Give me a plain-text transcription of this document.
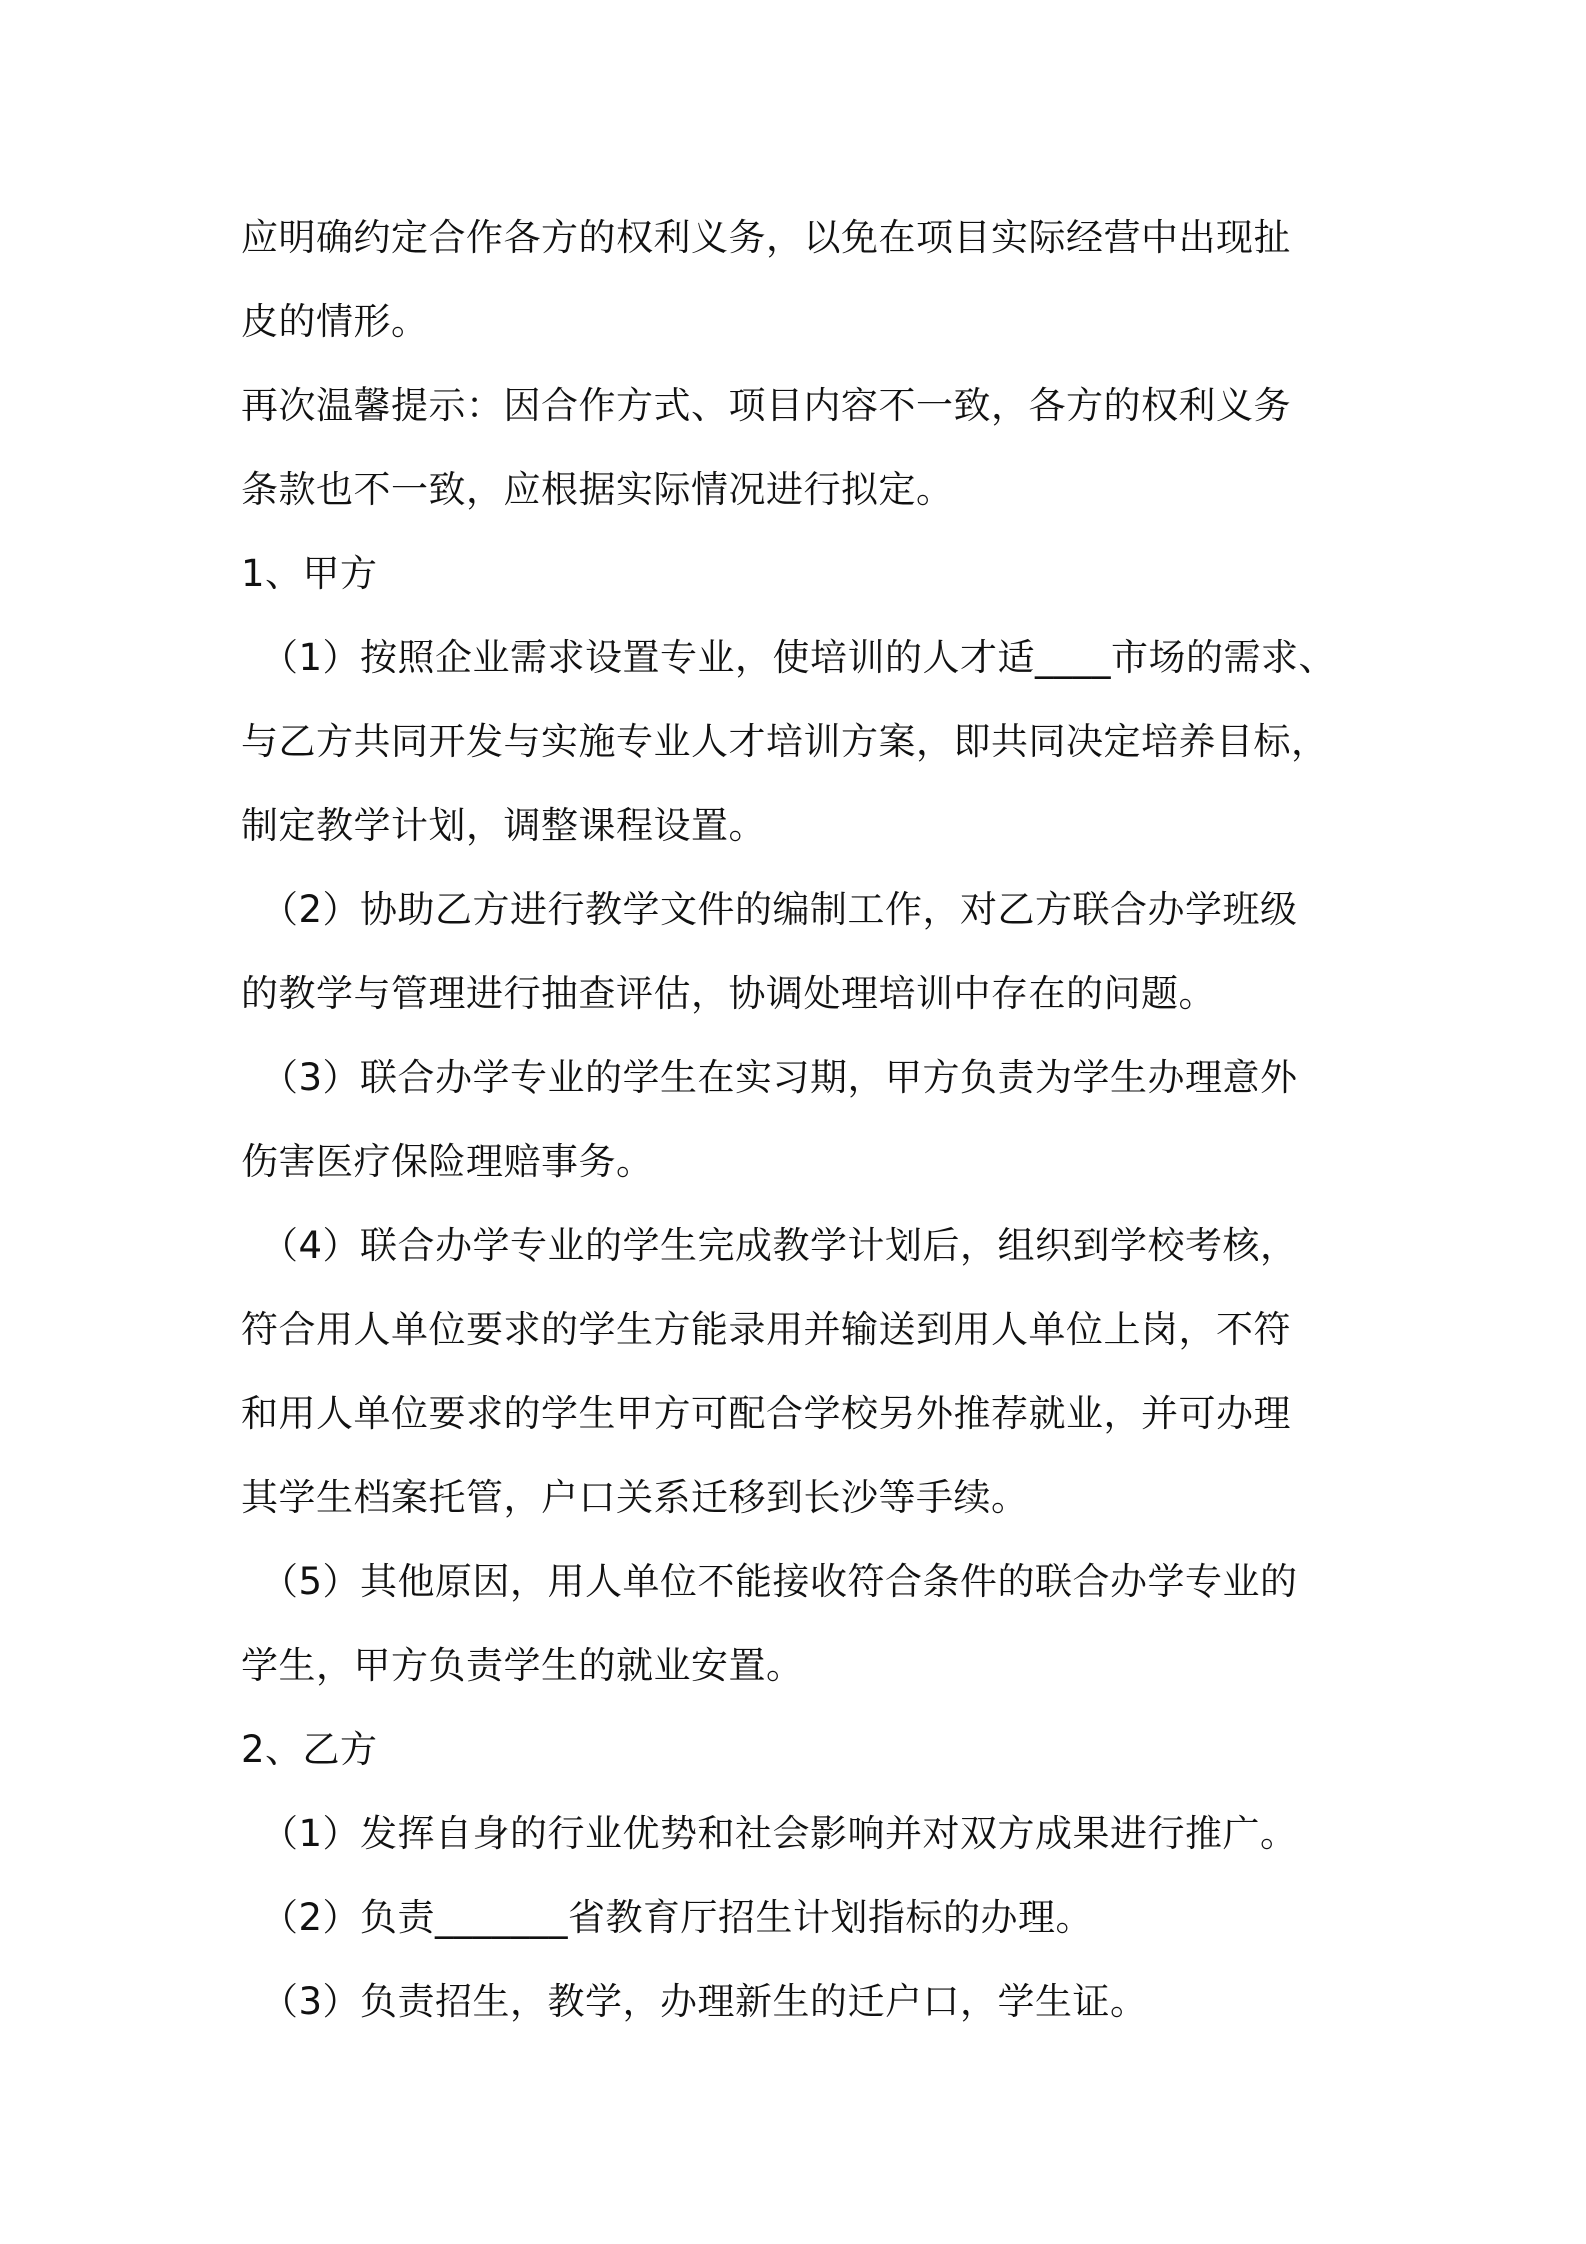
应明确约定合作各方的权利义务，以免在项目实际经营中出现扯
皮的情形。
再次温馨提示：因合作方式、项目内容不一致，各方的权利义务
条款也不一致，应根据实际情况进行拟定。
1、甲方
（1）按照企业需求设置专业，使培训的人才适____市场的需求、
与乙方共同开发与实施专业人才培训方案，即共同决定培养目标，
制定教学计划，调整课程设置。
（2）协助乙方进行教学文件的编制工作，对乙方联合办学班级
的教学与管理进行抽查评估，协调处理培训中存在的问题。
（3）联合办学专业的学生在实习期，甲方负责为学生办理意外
伤害医疗保险理赔事务。
（4）联合办学专业的学生完成教学计划后，组织到学校考核，
符合用人单位要求的学生方能录用并输送到用人单位上岗，不符
和用人单位要求的学生甲方可配合学校另外推荐就业，并可办理
其学生档案托管，户口关系迁移到长沙等手续。
（5）其他原因，用人单位不能接收符合条件的联合办学专业的
学生，甲方负责学生的就业安置。
2、乙方
（1）发挥自身的行业优势和社会影响并对双方成果进行推广。
（2）负责_______省教育厅招生计划指标的办理。
（3）负责招生，教学，办理新生的迁户口，学生证。
